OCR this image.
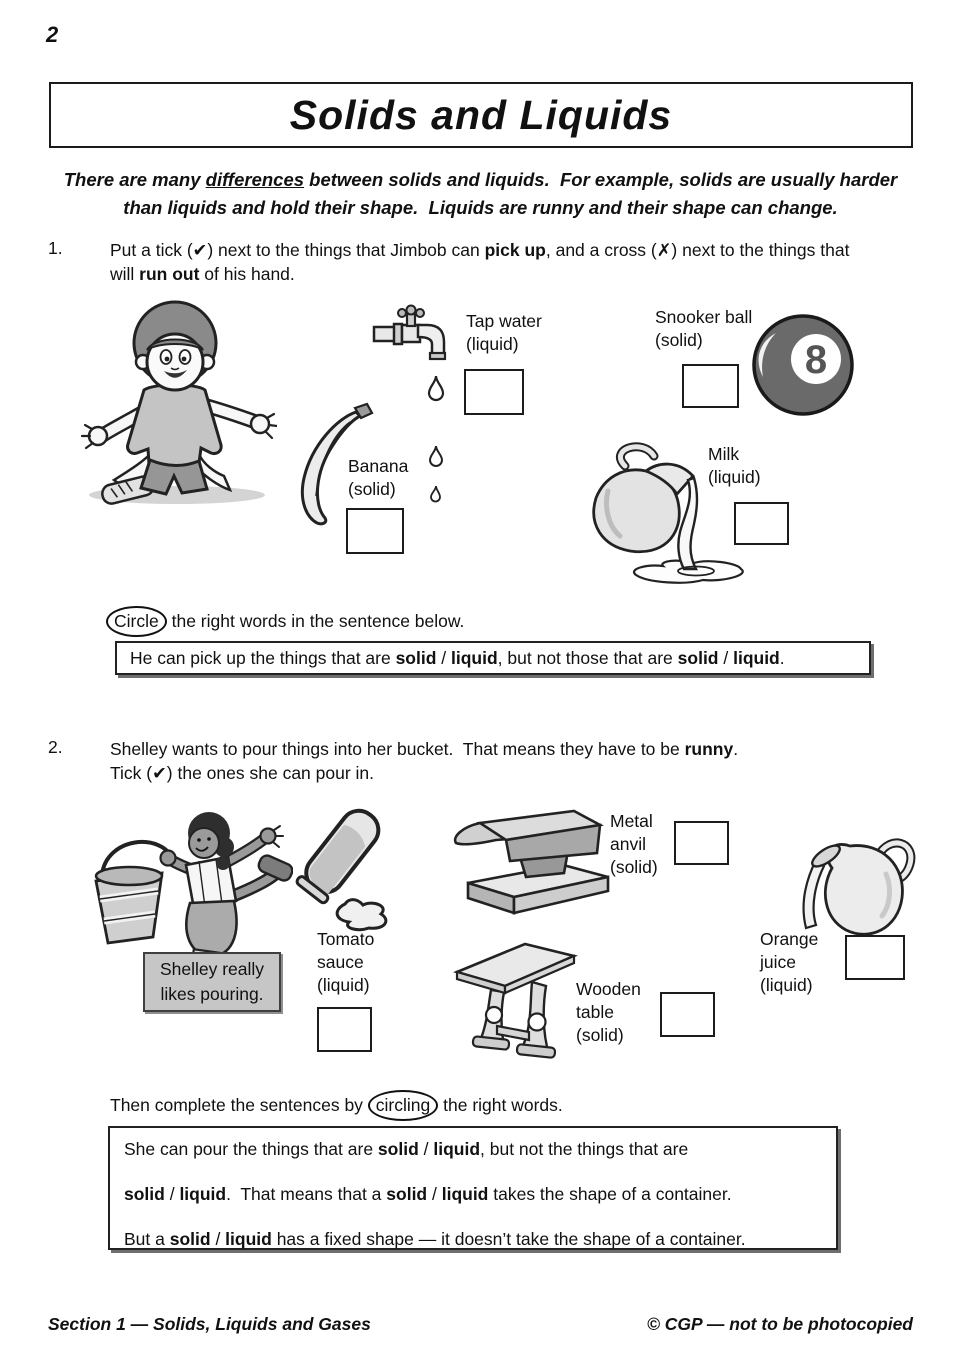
2
Solids and Liquids
There are many differences between solids and liquids.  For example, solids are usually harder
than liquids and hold their shape.  Liquids are runny and their shape can change.
1.	Put a tick (✔) next to the things that Jimbob can pick up, and a cross (✗) next to the things that
will run out of his hand.
8
Tap water
(liquid)
Snooker ball
(solid)
Banana
(solid)
Milk
(liquid)
Circle the right words in the sentence below.
He can pick up the things that are solid / liquid, but not those that are solid / liquid.
2.	Shelley wants to pour things into her bucket.  That means they have to be runny.
Tick (✔) the ones she can pour in.
Shelley really
likes pouring.
Tomato
sauce
(liquid)
Metal
anvil
(solid)
Wooden
table
(solid)
Orange
juice
(liquid)
Then complete the sentences by circling the right words.
She can pour the things that are solid / liquid, but not the things that are
solid / liquid.  That means that a solid / liquid takes the shape of a container.
But a solid / liquid has a fixed shape — it doesn’t take the shape of a container.
Section 1 — Solids, Liquids and Gases	© CGP — not to be photocopied
